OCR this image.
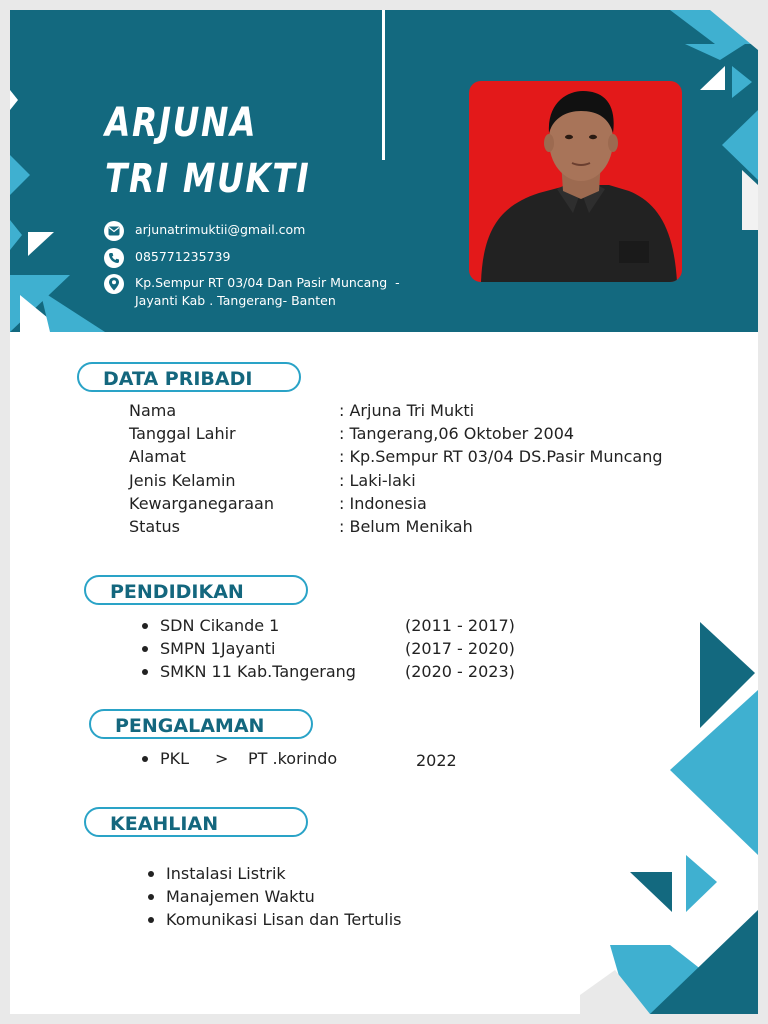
ARJUNA
TRI MUKTI
arjunatrimuktii@gmail.com
085771235739
Kp.Sempur RT 03/04 Dan Pasir Muncang  -
Jayanti Kab . Tangerang- Banten
DATA PRIBADI
Nama	: Arjuna Tri Mukti
Tanggal Lahir	: Tangerang,06 Oktober 2004
Alamat	: Kp.Sempur RT 03/04 DS.Pasir Muncang
Jenis Kelamin	: Laki-laki
Kewarganegaraan	: Indonesia
Status	: Belum Menikah
PENDIDIKAN
SDN Cikande 1	(2011 - 2017)
SMPN 1Jayanti	(2017 - 2020)
SMKN 11 Kab.Tangerang	(2020 - 2023)
PENGALAMAN
PKL	>	PT .korindo	2022
KEAHLIAN
Instalasi Listrik
Manajemen Waktu
Komunikasi Lisan dan Tertulis
